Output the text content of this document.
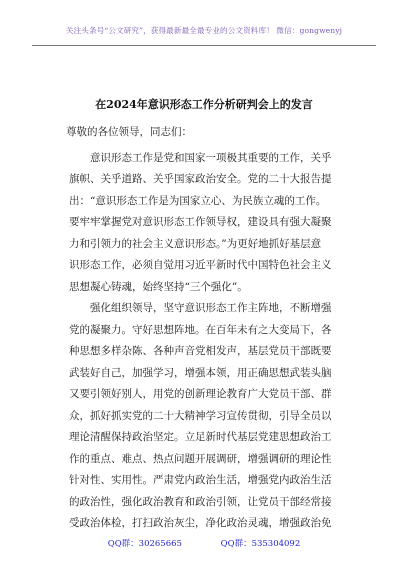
关注头条号“公文研究”，获得最新最全最专业的公文资料库！ 微信：gongwenyj
在2024年意识形态工作分析研判会上的发言
尊敬的各位领导，同志们：
意识形态工作是党和国家一项极其重要的工作，关乎
旗帜、关乎道路、关乎国家政治安全。党的二十大报告提
出：“意识形态工作是为国家立心、为民族立魂的工作。
要牢牢掌握党对意识形态工作领导权，建设具有强大凝聚
力和引领力的社会主义意识形态。”为更好地抓好基层意
识形态工作，必须自觉用习近平新时代中国特色社会主义
思想凝心铸魂，始终坚持“三个强化”。
强化组织领导，坚守意识形态工作主阵地，不断增强
党的凝聚力。守好思想阵地。在百年未有之大变局下，各
种思想多样杂陈、各种声音党相发声，基层党员干部既要
武装好自己，加强学习，增强本领，用正确思想武装头脑
又要引领好别人，用党的创新理论教育广大党员干部、群
众，抓好抓实党的二十大精神学习宣传贯彻，引导全员以
理论清醒保持政治坚定。立足新时代基层党建思想政治工
作的重点、难点、热点问题开展调研，增强调研的理论性
针对性、实用性。严肃党内政治生活，增强党内政治生活
的政治性，强化政治教育和政治引领，让党员干部经常接
受政治体检，打扫政治灰尘，净化政治灵魂，增强政治免
QQ群：30265665	QQ群：535304092
